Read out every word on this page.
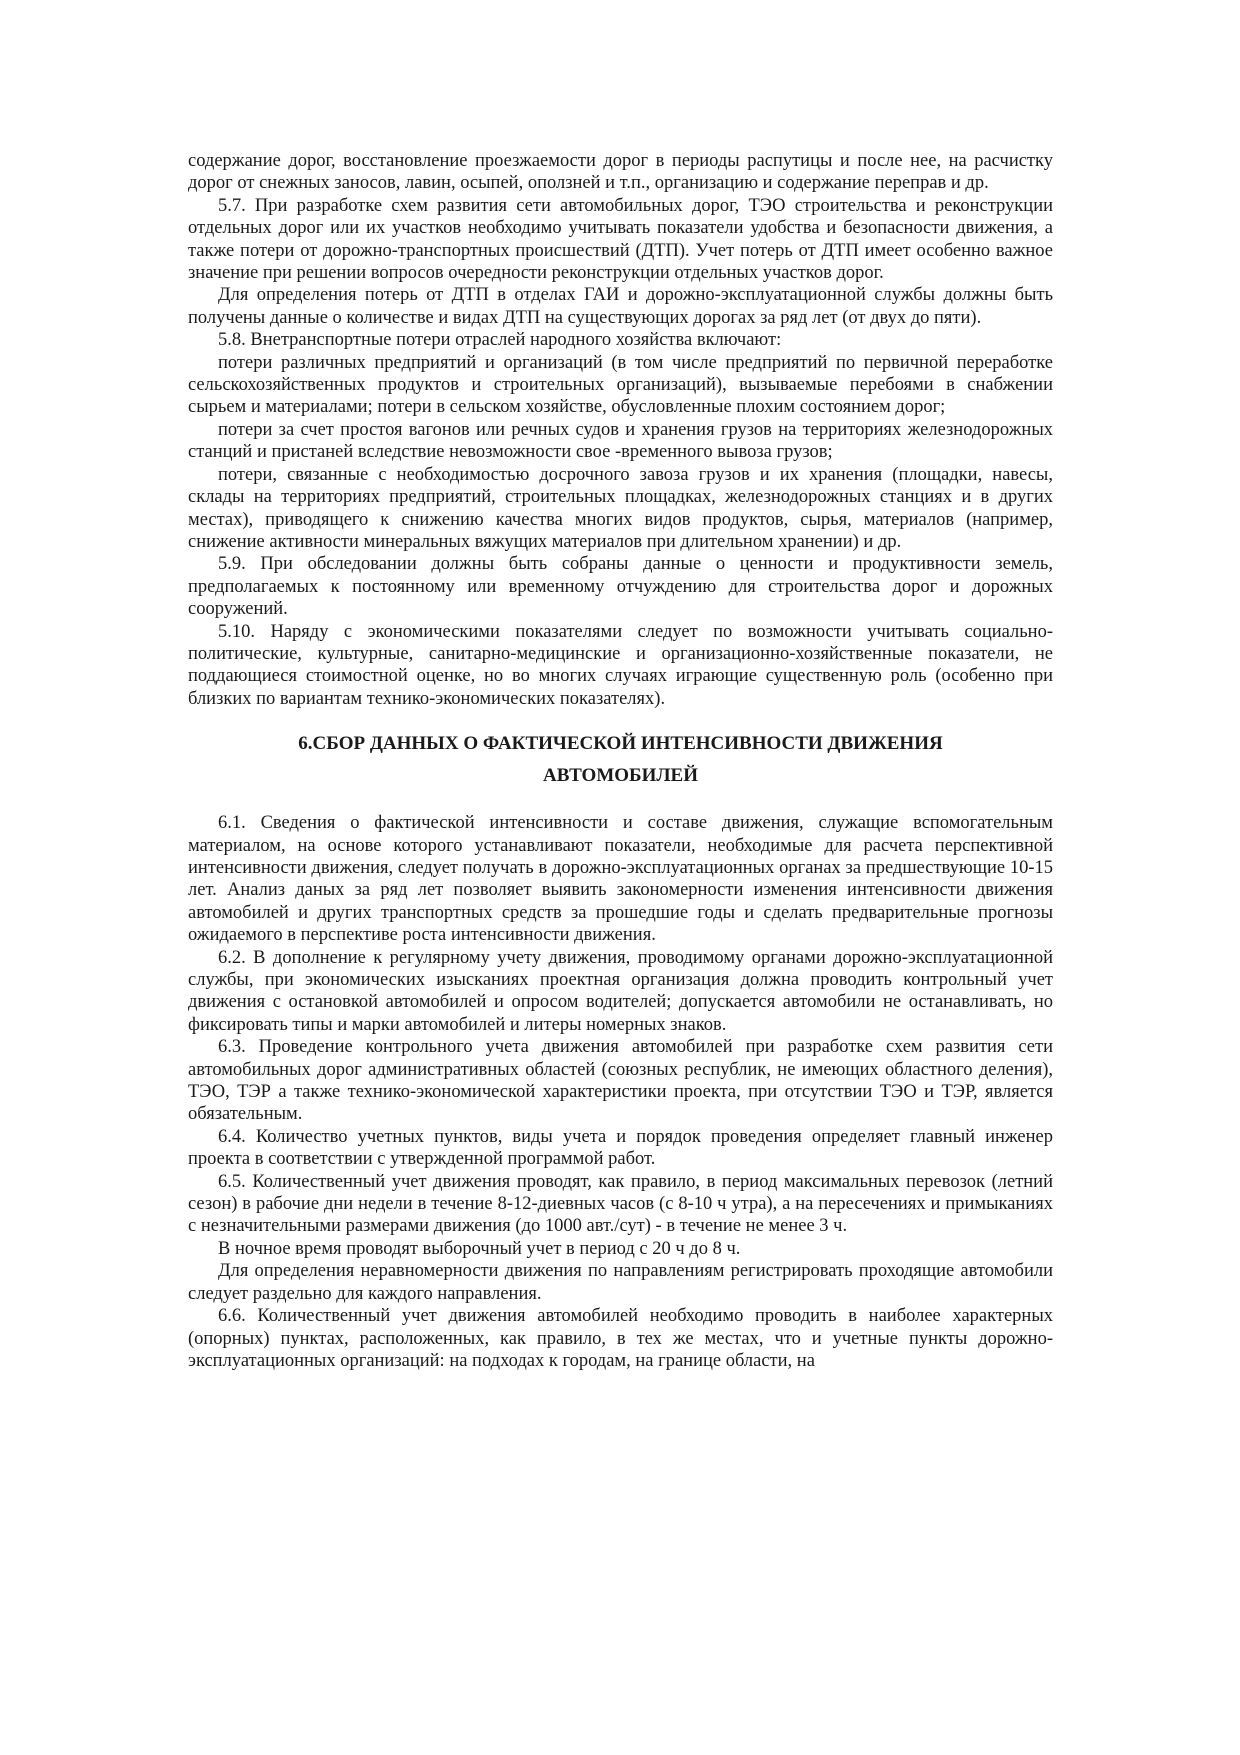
содержание дорог, восстановление проезжаемости дорог в периоды распутицы и после нее, на расчистку дорог от снежных заносов, лавин, осыпей, оползней и т.п., организацию и содержание переправ и др.

5.7. При разработке схем развития сети автомобильных дорог, ТЭО строительства и реконструкции отдельных дорог или их участков необходимо учитывать показатели удобства и безопасности движения, а также потери от дорожно-транспортных происшествий (ДТП). Учет потерь от ДТП имеет особенно важное значение при решении вопросов очередности реконструкции отдельных участков дорог.

Для определения потерь от ДТП в отделах ГАИ и дорожно-эксплуатационной службы должны быть получены данные о количестве и видах ДТП на существующих дорогах за ряд лет (от двух до пяти).

5.8. Внетранспортные потери отраслей народного хозяйства включают:

потери различных предприятий и организаций (в том числе предприятий по первичной переработке сельскохозяйственных продуктов и строительных организаций), вызываемые перебоями в снабжении сырьем и материалами; потери в сельском хозяйстве, обусловленные плохим состоянием дорог;

потери за счет простоя вагонов или речных судов и хранения грузов на территориях железнодорожных станций и пристаней вследствие невозможности свое -временного вывоза грузов;

потери, связанные с необходимостью досрочного завоза грузов и их хранения (площадки, навесы, склады на территориях предприятий, строительных площадках, железнодорожных станциях и в других местах), приводящего к снижению качества многих видов продуктов, сырья, материалов (например, снижение активности минеральных вяжущих материалов при длительном хранении) и др.

5.9. При обследовании должны быть собраны данные о ценности и продуктивности земель, предполагаемых к постоянному или временному отчуждению для строительства дорог и дорожных сооружений.

5.10. Наряду с экономическими показателями следует по возможности учитывать социально-политические, культурные, санитарно-медицинские и организационно-хозяйственные показатели, не поддающиеся стоимостной оценке, но во многих случаях играющие существенную роль (особенно при близких по вариантам технико-экономических показателях).

6.СБОР ДАННЫХ О ФАКТИЧЕСКОЙ ИНТЕНСИВНОСТИ ДВИЖЕНИЯ
АВТОМОБИЛЕЙ

6.1. Сведения о фактической интенсивности и составе движения, служащие вспомогательным материалом, на основе которого устанавливают показатели, необходимые для расчета перспективной интенсивности движения, следует получать в дорожно-эксплуатационных органах за предшествующие 10-15 лет. Анализ даных за ряд лет позволяет выявить закономерности изменения интенсивности движения автомобилей и других транспортных средств за прошедшие годы и сделать предварительные прогнозы ожидаемого в перспективе роста интенсивности движения.

6.2. В дополнение к регулярному учету движения, проводимому органами дорожно-эксплуатационной службы, при экономических изысканиях проектная организация должна проводить контрольный учет движения с остановкой автомобилей и опросом водителей; допускается автомобили не останавливать, но фиксировать типы и марки автомобилей и литеры номерных знаков.

6.3. Проведение контрольного учета движения автомобилей при разработке схем развития сети автомобильных дорог административных областей (союзных республик, не имеющих областного деления), ТЭО, ТЭР а также технико-экономической характеристики проекта, при отсутствии ТЭО и ТЭР, является обязательным.

6.4. Количество учетных пунктов, виды учета и порядок проведения определяет главный инженер проекта в соответствии с утвержденной программой работ.

6.5. Количественный учет движения проводят, как правило, в период максимальных перевозок (летний сезон) в рабочие дни недели в течение 8-12-диевных часов (с 8-10 ч утра), а на пересечениях и примыканиях с незначительными размерами движения (до 1000 авт./сут) - в течение не менее 3 ч.

В ночное время проводят выборочный учет в период с 20 ч до 8 ч.

Для определения неравномерности движения по направлениям регистрировать проходящие автомобили следует раздельно для каждого направления.

6.6. Количественный учет движения автомобилей необходимо проводить в наиболее характерных (опорных) пунктах, расположенных, как правило, в тех же местах, что и учетные пункты дорожно-эксплуатационных организаций: на подходах к городам, на границе области, на
